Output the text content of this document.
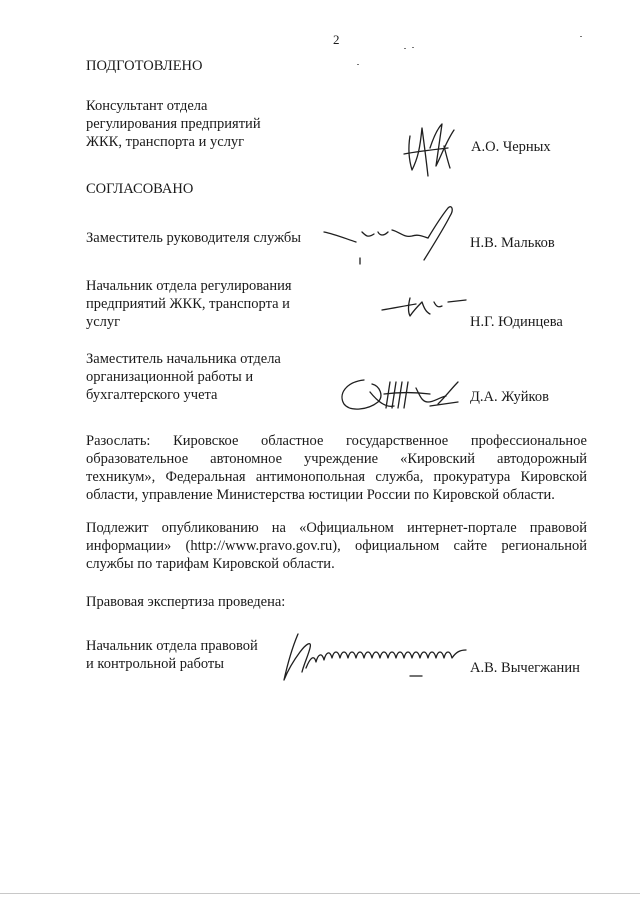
2
ПОДГОТОВЛЕНО
Консультант отдела
регулирования предприятий
ЖКК, транспорта и услуг	А.О. Черных
СОГЛАСОВАНО
Заместитель руководителя службы	Н.В. Мальков
Начальник отдела регулирования
предприятий ЖКК, транспорта и
услуг	Н.Г. Юдинцева
Заместитель начальника отдела
организационной работы и
бухгалтерского учета	Д.А. Жуйков
Разослать: Кировское областное государственное профессиональное
образовательное автономное учреждение «Кировский автодорожный
техникум», Федеральная антимонопольная служба, прокуратура Кировской
области, управление Министерства юстиции России по Кировской области.
Подлежит опубликованию на «Официальном интернет-портале правовой
информации» (http://www.pravo.gov.ru), официальном сайте региональной
службы по тарифам Кировской области.
Правовая экспертиза проведена:
Начальник отдела правовой
и контрольной работы	А.В. Вычегжанин
